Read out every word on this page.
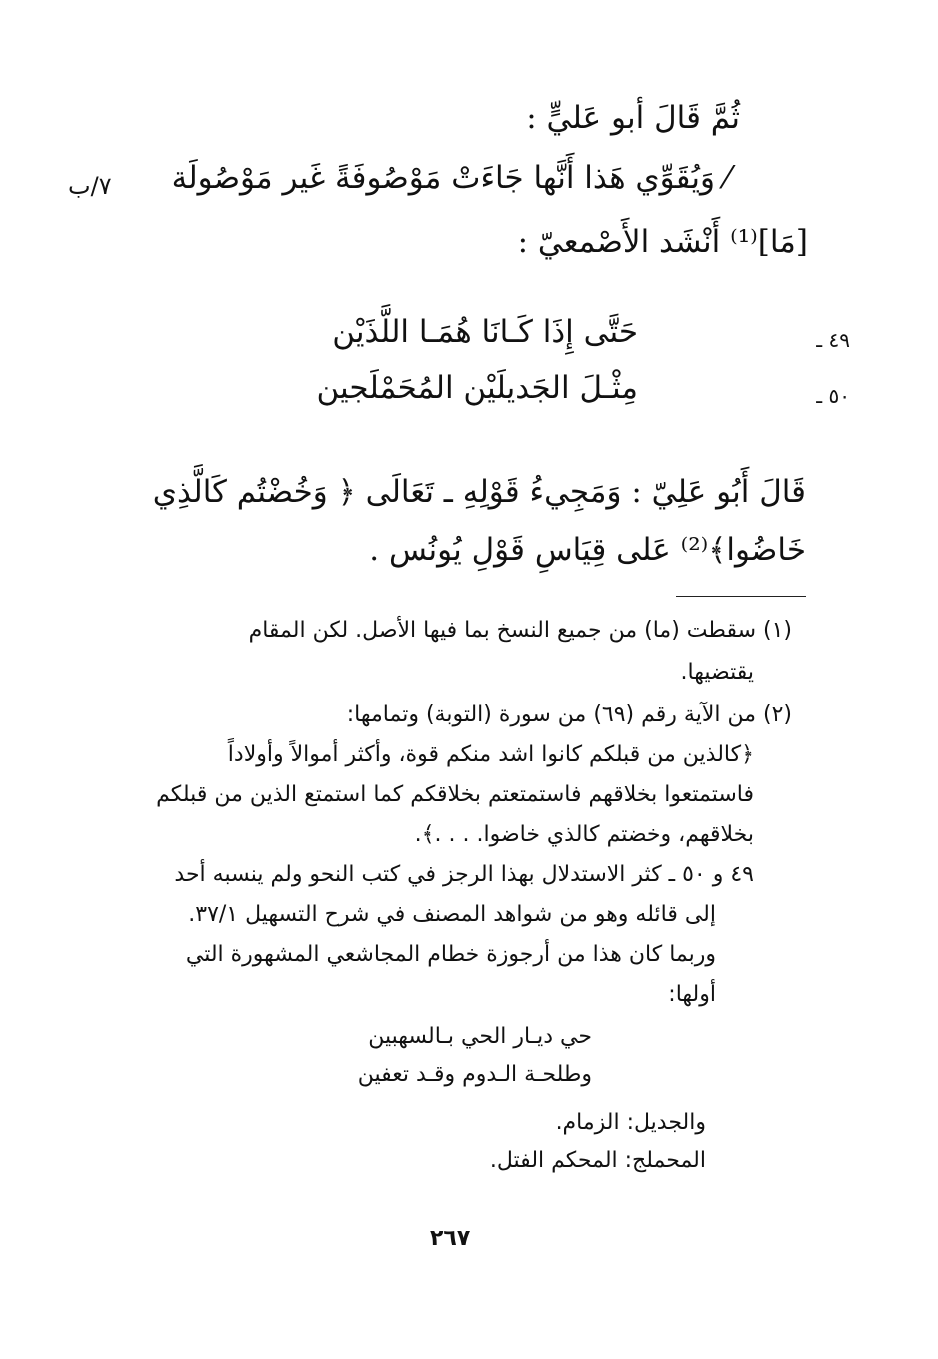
ثُمَّ قَالَ أبو عَليٍّ :
⁄ وَيُقَوِّي هَذا أَنَّها جَاءَتْ مَوْصُوفَةً غَير مَوْصُولَة
٧/ب
[مَا]⁽¹⁾ أَنْشَد الأَصْمعيّ :
٤٩ ـ
حَتَّى إِذَا كَـانَا هُمَـا اللَّذَيْن
٥٠ ـ
مِثْـلَ الجَديلَيْن المُحَمْلَجين
قَالَ أَبُو عَلِيّ : وَمَجِيءُ قَوْلِهِ ـ تَعَالَى ﴿ وَخُضْتُم كَالَّذِي
خَاضُوا﴾⁽²⁾ عَلى قِيَاسِ قَوْلِ يُونُس .
(١) سقطت (ما) من جميع النسخ بما فيها الأصل. لكن المقام
يقتضيها.
(٢) من الآية رقم (٦٩) من سورة (التوبة) وتمامها:
﴿كالذين من قبلكم كانوا اشد منكم قوة، وأكثر أموالاً وأولاداً
فاستمتعوا بخلاقهم فاستمتعتم بخلاقكم كما استمتع الذين من قبلكم
بخلاقهم، وخضتم كالذي خاضوا. . . .﴾.
٤٩ و ٥٠ ـ كثر الاستدلال بهذا الرجز في كتب النحو ولم ينسبه أحد
إلى قائله وهو من شواهد المصنف في شرح التسهيل ٣٧/١.
وربما كان هذا من أرجوزة خطام المجاشعي المشهورة التي
أولها:
حي ديـار الحي بـالسهبين
وطلحـة الـدوم وقـد تعفين
والجديل: الزمام.
المحملج: المحكم الفتل.
٢٦٧
